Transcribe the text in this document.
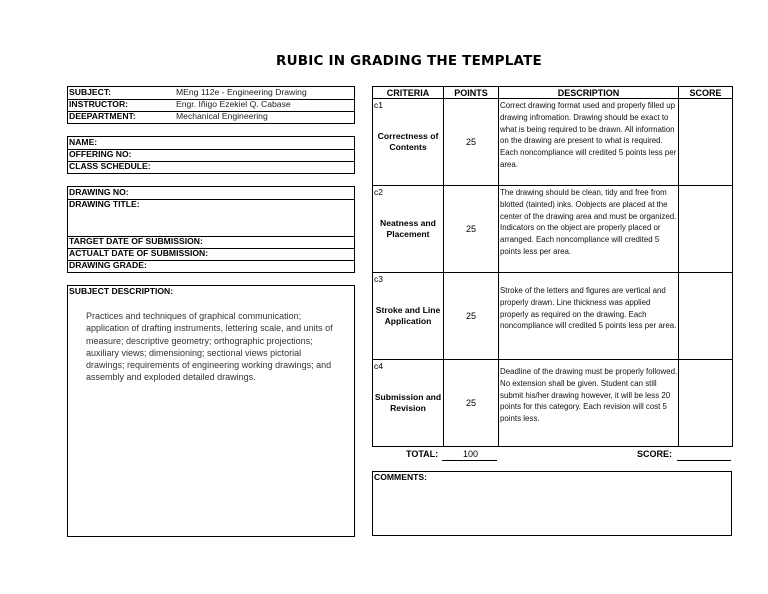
RUBIC IN GRADING THE TEMPLATE
SUBJECT:	MEng 112e - Engineering Drawing
INSTRUCTOR:	Engr. Iñigo Ezekiel Q. Cabase
DEEPARTMENT:	Mechanical Engineering
NAME:
OFFERING NO:
CLASS SCHEDULE:
DRAWING NO:
DRAWING TITLE:
TARGET DATE OF SUBMISSION:
ACTUALT DATE OF SUBMISSION:
DRAWING GRADE:
SUBJECT DESCRIPTION:
Practices and techniques of graphical communication; application of drafting instruments, lettering scale, and units of measure; descriptive geometry; orthographic projections; auxiliary views; dimensioning; sectional views pictorial drawings; requirements of engineering working drawings; and assembly and exploded detailed drawings.
CRITERIA	POINTS	DESCRIPTION	SCORE

c1
Correctness of Contents	25	Correct drawing format used and properly filled up drawing infromation. Drawing should be exact to what is being required to be drawn. All information on the drawing are present to what is required. Each noncompliance will credited 5 points less per area.	

c2
Neatness and Placement	25	The drawing should be clean, tidy and free from blotted (tainted) inks. Oobjects are placed at the center of the drawing area and must be organized. Indicators on the object are properly placed or arranged. Each noncompliance will credited 5 points less per area.	

c3
Stroke and Line Application	25	Stroke of the letters and figures are vertical and properly drawn. Line thickness was applied properly as required on the drawing. Each noncompliance will credited 5 points less per area.	

c4
Submission and Revision	25	Deadline of the drawing must be properly followed. No extension shall be given. Student can still submit his/her drawing however, it will be less 20 points for this category. Each revision will cost 5 points less.	
TOTAL:	100	SCORE:
COMMENTS:
